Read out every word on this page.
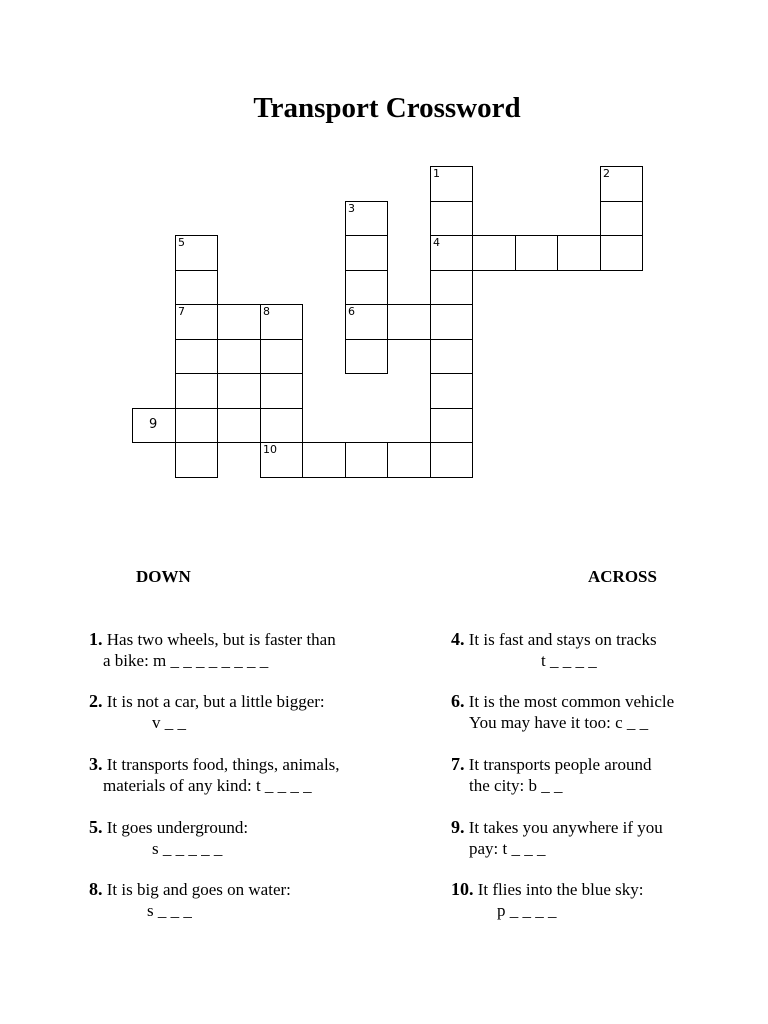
Transport Crossword
1	2
3
5	4
7	8	6
9
10
DOWN	ACROSS
1. Has two wheels, but is faster than
a bike: m _ _ _ _ _ _ _ _
2. It is not a car, but a little bigger:
v _ _
3. It transports food, things, animals,
materials of any kind: t _ _ _ _
5. It goes underground:
s _ _ _ _ _
8. It is big and goes on water:
s _ _ _
4. It is fast and stays on tracks
t _ _ _ _
6. It is the most common vehicle
You may have it too: c _ _
7. It transports people around
the city: b _ _
9. It takes you anywhere if you
pay: t _ _ _
10. It flies into the blue sky:
p _ _ _ _
